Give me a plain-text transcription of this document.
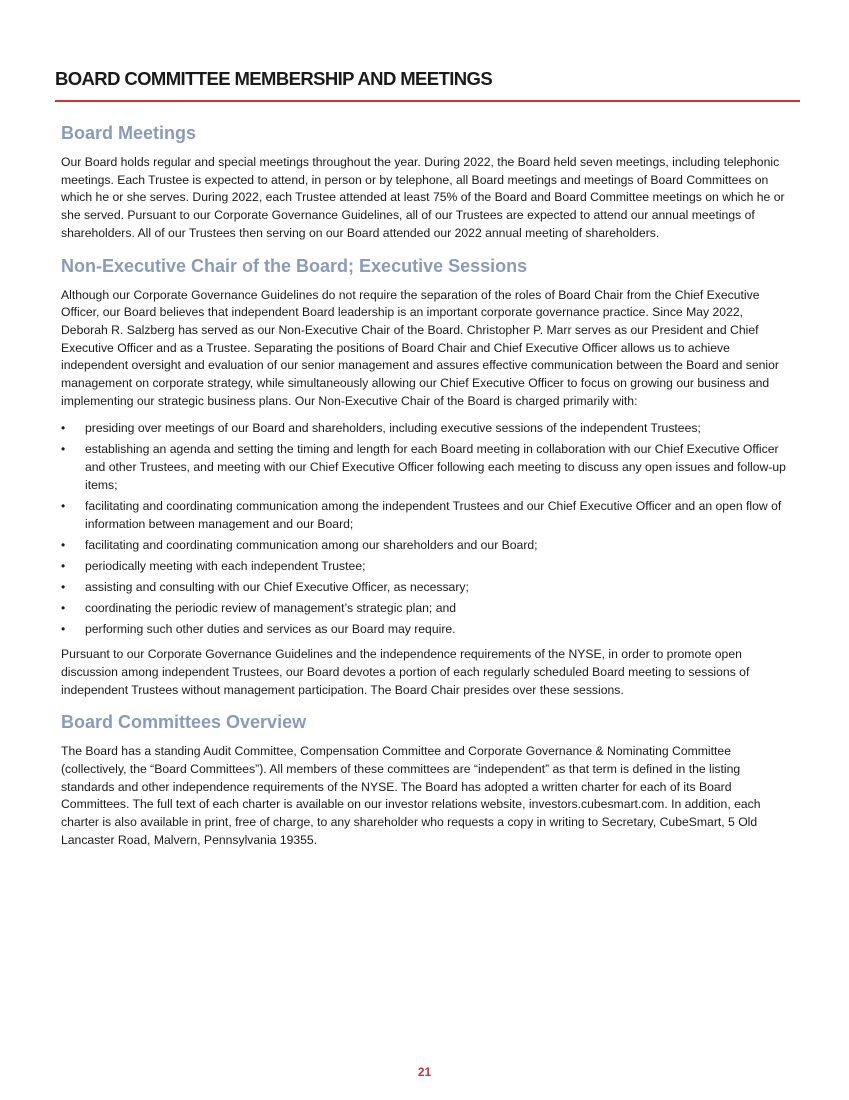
BOARD COMMITTEE MEMBERSHIP AND MEETINGS
Board Meetings

Our Board holds regular and special meetings throughout the year. During 2022, the Board held seven meetings, including telephonic meetings. Each Trustee is expected to attend, in person or by telephone, all Board meetings and meetings of Board Committees on which he or she serves. During 2022, each Trustee attended at least 75% of the Board and Board Committee meetings on which he or she served. Pursuant to our Corporate Governance Guidelines, all of our Trustees are expected to attend our annual meetings of shareholders. All of our Trustees then serving on our Board attended our 2022 annual meeting of shareholders.

Non-Executive Chair of the Board; Executive Sessions

Although our Corporate Governance Guidelines do not require the separation of the roles of Board Chair from the Chief Executive Officer, our Board believes that independent Board leadership is an important corporate governance practice. Since May 2022, Deborah R. Salzberg has served as our Non-Executive Chair of the Board. Christopher P. Marr serves as our President and Chief Executive Officer and as a Trustee. Separating the positions of Board Chair and Chief Executive Officer allows us to achieve independent oversight and evaluation of our senior management and assures effective communication between the Board and senior management on corporate strategy, while simultaneously allowing our Chief Executive Officer to focus on growing our business and implementing our strategic business plans. Our Non-Executive Chair of the Board is charged primarily with:

• presiding over meetings of our Board and shareholders, including executive sessions of the independent Trustees;
• establishing an agenda and setting the timing and length for each Board meeting in collaboration with our Chief Executive Officer and other Trustees, and meeting with our Chief Executive Officer following each meeting to discuss any open issues and follow-up items;
• facilitating and coordinating communication among the independent Trustees and our Chief Executive Officer and an open flow of information between management and our Board;
• facilitating and coordinating communication among our shareholders and our Board;
• periodically meeting with each independent Trustee;
• assisting and consulting with our Chief Executive Officer, as necessary;
• coordinating the periodic review of management’s strategic plan; and
• performing such other duties and services as our Board may require.

Pursuant to our Corporate Governance Guidelines and the independence requirements of the NYSE, in order to promote open discussion among independent Trustees, our Board devotes a portion of each regularly scheduled Board meeting to sessions of independent Trustees without management participation. The Board Chair presides over these sessions.

Board Committees Overview

The Board has a standing Audit Committee, Compensation Committee and Corporate Governance & Nominating Committee (collectively, the “Board Committees”). All members of these committees are “independent” as that term is defined in the listing standards and other independence requirements of the NYSE. The Board has adopted a written charter for each of its Board Committees. The full text of each charter is available on our investor relations website, investors.cubesmart.com. In addition, each charter is also available in print, free of charge, to any shareholder who requests a copy in writing to Secretary, CubeSmart, 5 Old Lancaster Road, Malvern, Pennsylvania 19355.

21
